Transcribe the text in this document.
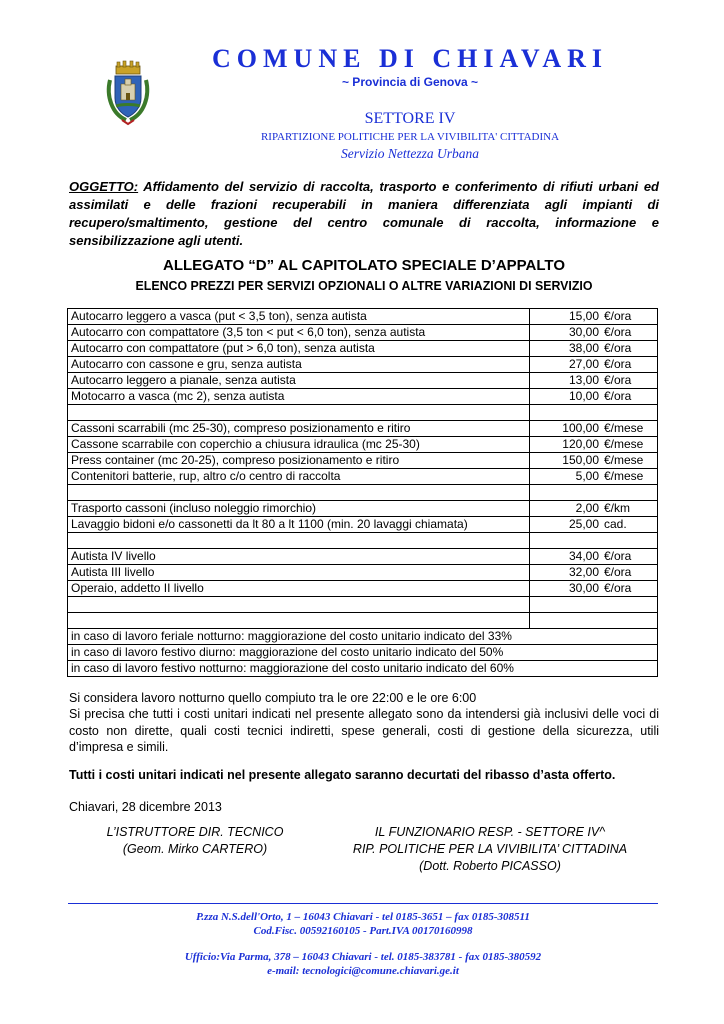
COMUNE DI CHIAVARI
~ Provincia di Genova ~
SETTORE IV
RIPARTIZIONE POLITICHE PER LA VIVIBILITA' CITTADINA
Servizio Nettezza Urbana
OGGETTO: Affidamento del servizio di raccolta, trasporto e conferimento di rifiuti urbani ed assimilati e delle frazioni recuperabili in maniera differenziata agli impianti di recupero/smaltimento, gestione del centro comunale di raccolta, informazione e sensibilizzazione agli utenti.
ALLEGATO “D” AL CAPITOLATO SPECIALE D’APPALTO
ELENCO PREZZI PER SERVIZI OPZIONALI O ALTRE VARIAZIONI DI SERVIZIO
Autocarro leggero a vasca (put < 3,5 ton), senza autista	15,00 €/ora
Autocarro con compattatore (3,5 ton < put < 6,0 ton), senza autista	30,00 €/ora
Autocarro con compattatore (put > 6,0 ton), senza autista	38,00 €/ora
Autocarro con cassone e gru, senza autista	27,00 €/ora
Autocarro leggero a pianale, senza autista	13,00 €/ora
Motocarro a vasca (mc 2), senza autista	10,00 €/ora

Cassoni scarrabili (mc 25-30), compreso posizionamento e ritiro	100,00 €/mese
Cassone scarrabile con coperchio a chiusura idraulica (mc 25-30)	120,00 €/mese
Press container (mc 20-25), compreso posizionamento e ritiro	150,00 €/mese
Contenitori batterie, rup, altro c/o centro di raccolta	5,00 €/mese

Trasporto cassoni (incluso noleggio rimorchio)	2,00 €/km
Lavaggio bidoni e/o cassonetti da lt 80 a lt 1100 (min. 20 lavaggi chiamata)	25,00 cad.

Autista IV livello	34,00 €/ora
Autista III livello	32,00 €/ora
Operaio, addetto II livello	30,00 €/ora

in caso di lavoro feriale notturno: maggiorazione del costo unitario indicato del 33%	
in caso di lavoro festivo diurno: maggiorazione del costo unitario indicato del 50%	
in caso di lavoro festivo notturno: maggiorazione del costo unitario indicato del 60%	
Si considera lavoro notturno quello compiuto tra le ore 22:00 e le ore 6:00
Si precisa che tutti i costi unitari indicati nel presente allegato sono da intendersi già inclusivi delle voci di costo non dirette, quali costi tecnici indiretti, spese generali, costi di gestione della sicurezza, utili d’impresa e simili.
Tutti i costi unitari indicati nel presente allegato saranno decurtati del ribasso d’asta offerto.
Chiavari, 28 dicembre 2013
L’ISTRUTTORE DIR. TECNICO
(Geom. Mirko CARTERO)
IL FUNZIONARIO RESP. - SETTORE IV^
RIP. POLITICHE PER LA VIVIBILITA’ CITTADINA
(Dott. Roberto PICASSO)
P.zza N.S.dell'Orto, 1 – 16043 Chiavari - tel 0185-3651 – fax 0185-308511
Cod.Fisc. 00592160105 - Part.IVA 00170160998
Ufficio:Via Parma, 378 – 16043 Chiavari - tel. 0185-383781 - fax 0185-380592
e-mail: tecnologici@comune.chiavari.ge.it
